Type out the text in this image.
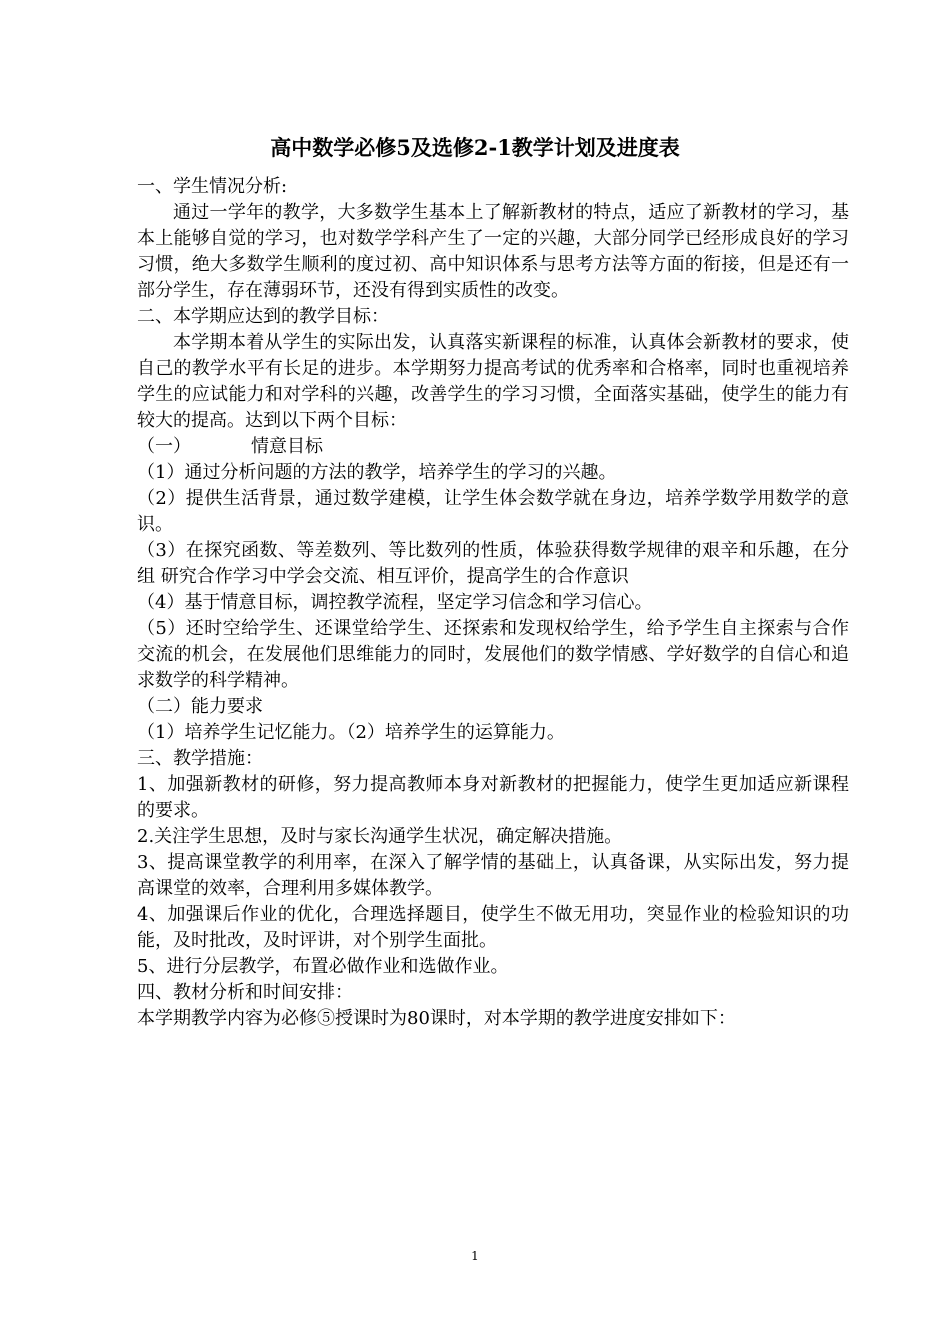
高中数学必修5及选修2-1教学计划及进度表

一、学生情况分析:

通过一学年的教学，大多数学生基本上了解新教材的特点，适应了新教材的学习，基本上能够自觉的学习，也对数学学科产生了一定的兴趣，大部分同学已经形成良好的学习习惯，绝大多数学生顺利的度过初、高中知识体系与思考方法等方面的衔接，但是还有一部分学生，存在薄弱环节，还没有得到实质性的改变。

二、本学期应达到的教学目标：

本学期本着从学生的实际出发，认真落实新课程的标准，认真体会新教材的要求，使自己的教学水平有长足的进步。本学期努力提高考试的优秀率和合格率，同时也重视培养学生的应试能力和对学科的兴趣，改善学生的学习习惯，全面落实基础，使学生的能力有较大的提高。达到以下两个目标：

（一）	情意目标

（1）通过分析问题的方法的教学，培养学生的学习的兴趣。

（2）提供生活背景，通过数学建模，让学生体会数学就在身边，培养学数学用数学的意识。

（3）在探究函数、等差数列、等比数列的性质，体验获得数学规律的艰辛和乐趣，在分组 研究合作学习中学会交流、相互评价，提高学生的合作意识

（4）基于情意目标，调控教学流程，坚定学习信念和学习信心。

（5）还时空给学生、还课堂给学生、还探索和发现权给学生，给予学生自主探索与合作交流的机会，在发展他们思维能力的同时，发展他们的数学情感、学好数学的自信心和追求数学的科学精神。

（二）能力要求

（1）培养学生记忆能力。（2）培养学生的运算能力。

三、教学措施：

1、加强新教材的研修，努力提高教师本身对新教材的把握能力，使学生更加适应新课程的要求。

2.关注学生思想，及时与家长沟通学生状况，确定解决措施。

3、提高课堂教学的利用率，在深入了解学情的基础上，认真备课，从实际出发，努力提高课堂的效率，合理利用多媒体教学。

4、加强课后作业的优化，合理选择题目，使学生不做无用功，突显作业的检验知识的功能，及时批改，及时评讲，对个别学生面批。

5、进行分层教学，布置必做作业和选做作业。

四、教材分析和时间安排：

本学期教学内容为必修⑤授课时为80课时，对本学期的教学进度安排如下：

1
